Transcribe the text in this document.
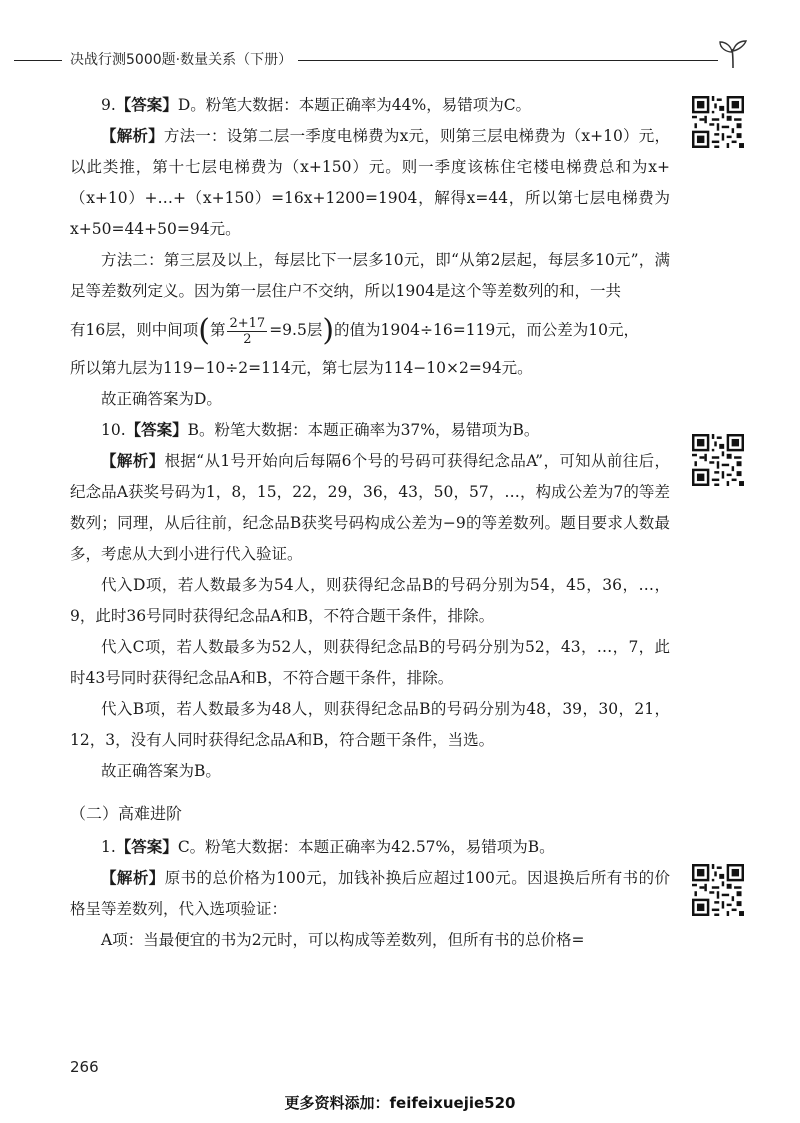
决战行测5000题·数量关系（下册）

9.【答案】D。粉笔大数据：本题正确率为44%，易错项为C。

【解析】方法一：设第二层一季度电梯费为x元，则第三层电梯费为（x+10）元，以此类推，第十七层电梯费为（x+150）元。则一季度该栋住宅楼电梯费总和为x+（x+10）+…+（x+150）=16x+1200=1904，解得x=44，所以第七层电梯费为x+50=44+50=94元。

方法二：第三层及以上，每层比下一层多10元，即“从第2层起，每层多10元”，满足等差数列定义。因为第一层住户不交纳，所以1904是这个等差数列的和，一共

有16层，则中间项(第 $\frac{2+17}{2} =9.5$层)的值为1904÷16=119元，而公差为10元，

所以第九层为119−10÷2=114元，第七层为114−10×2=94元。

故正确答案为D。

10.【答案】B。粉笔大数据：本题正确率为37%，易错项为B。

【解析】根据“从1号开始向后每隔6个号的号码可获得纪念品A”，可知从前往后，纪念品A获奖号码为1，8，15，22，29，36，43，50，57，…，构成公差为7的等差数列；同理，从后往前，纪念品B获奖号码构成公差为−9的等差数列。题目要求人数最多，考虑从大到小进行代入验证。

代入D项，若人数最多为54人，则获得纪念品B的号码分别为54，45，36，…，9，此时36号同时获得纪念品A和B，不符合题干条件，排除。

代入C项，若人数最多为52人，则获得纪念品B的号码分别为52，43，…，7，此时43号同时获得纪念品A和B，不符合题干条件，排除。

代入B项，若人数最多为48人，则获得纪念品B的号码分别为48，39，30，21，12，3，没有人同时获得纪念品A和B，符合题干条件，当选。

故正确答案为B。

（二）高难进阶

1.【答案】C。粉笔大数据：本题正确率为42.57%，易错项为B。

【解析】原书的总价格为100元，加钱补换后应超过100元。因退换后所有书的价格呈等差数列，代入选项验证：

A项：当最便宜的书为2元时，可以构成等差数列，但所有书的总价格=

266
更多资料添加：feifeixuejie520
